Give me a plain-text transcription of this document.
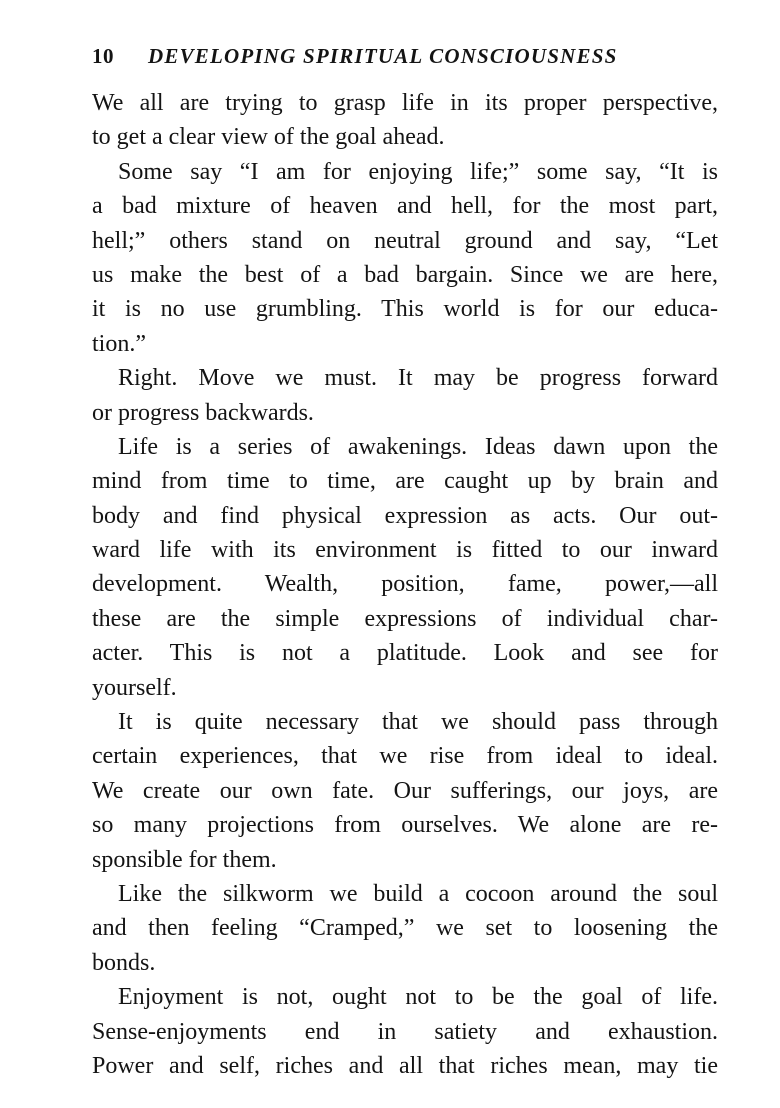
10 DEVELOPING SPIRITUAL CONSCIOUSNESS
We all are trying to grasp life in its proper perspective,
to get a clear view of the goal ahead.
Some say “I am for enjoying life;” some say, “It is
a bad mixture of heaven and hell, for the most part,
hell;” others stand on neutral ground and say, “Let
us make the best of a bad bargain. Since we are here,
it is no use grumbling. This world is for our educa-
tion.”
Right. Move we must. It may be progress forward
or progress backwards.
Life is a series of awakenings. Ideas dawn upon the
mind from time to time, are caught up by brain and
body and find physical expression as acts. Our out-
ward life with its environment is fitted to our inward
development. Wealth, position, fame, power,—all
these are the simple expressions of individual char-
acter. This is not a platitude. Look and see for
yourself.
It is quite necessary that we should pass through
certain experiences, that we rise from ideal to ideal.
We create our own fate. Our sufferings, our joys, are
so many projections from ourselves. We alone are re-
sponsible for them.
Like the silkworm we build a cocoon around the soul
and then feeling “Cramped,” we set to loosening the
bonds.
Enjoyment is not, ought not to be the goal of life.
Sense-enjoyments end in satiety and exhaustion.
Power and self, riches and all that riches mean, may tie
